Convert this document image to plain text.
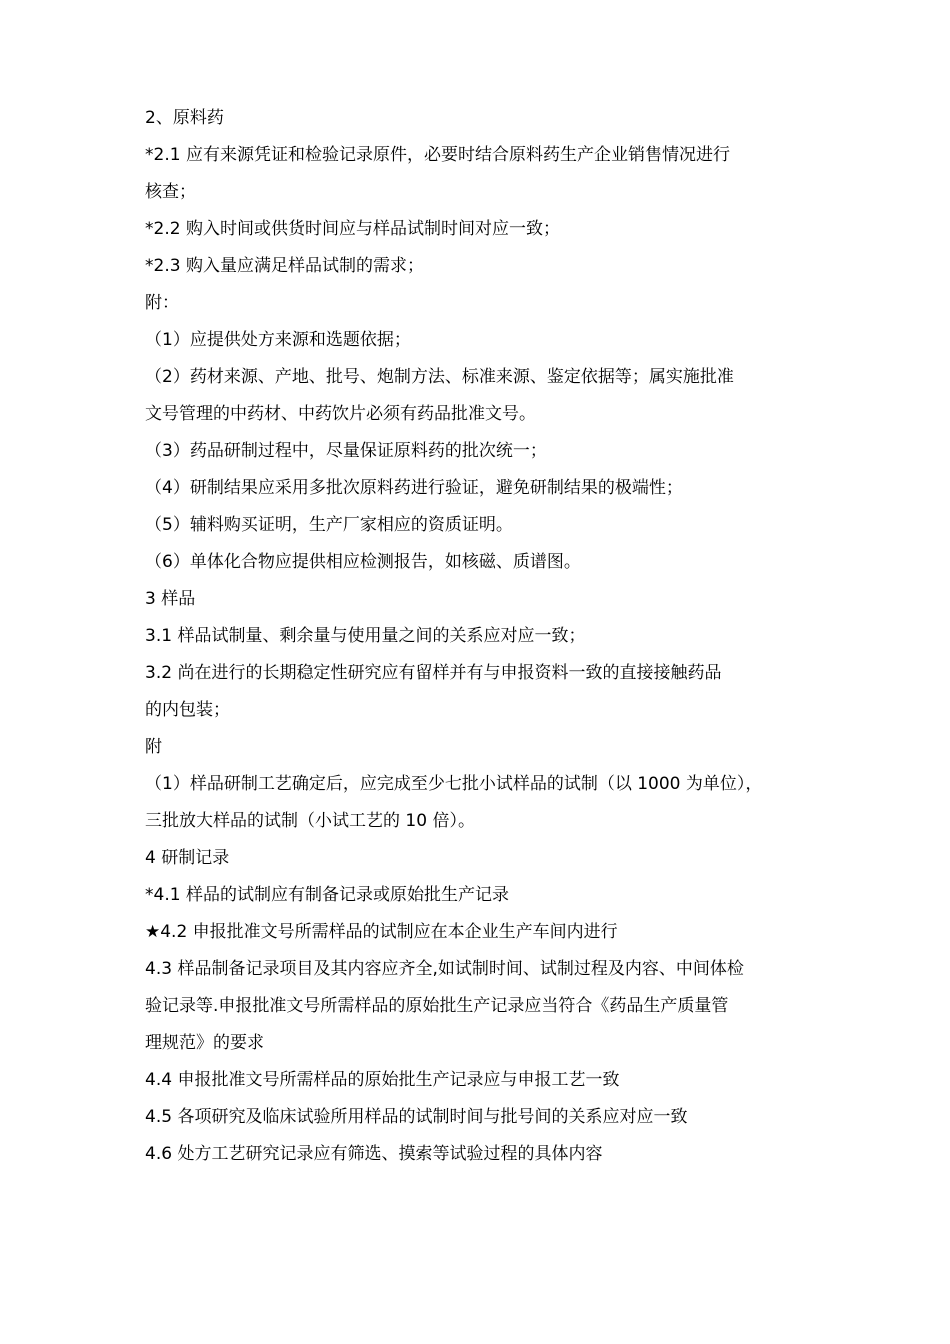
2、原料药
*2.1 应有来源凭证和检验记录原件，必要时结合原料药生产企业销售情况进行
核查；
*2.2 购入时间或供货时间应与样品试制时间对应一致；
*2.3 购入量应满足样品试制的需求；
附：
（1）应提供处方来源和选题依据；
（2）药材来源、产地、批号、炮制方法、标准来源、鉴定依据等；属实施批准
文号管理的中药材、中药饮片必须有药品批准文号。
（3）药品研制过程中，尽量保证原料药的批次统一；
（4）研制结果应采用多批次原料药进行验证，避免研制结果的极端性；
（5）辅料购买证明，生产厂家相应的资质证明。
（6）单体化合物应提供相应检测报告，如核磁、质谱图。
3 样品
3.1 样品试制量、剩余量与使用量之间的关系应对应一致；
3.2 尚在进行的长期稳定性研究应有留样并有与申报资料一致的直接接触药品
的内包装；
附
（1）样品研制工艺确定后，应完成至少七批小试样品的试制（以 1000 为单位），
三批放大样品的试制（小试工艺的 10 倍）。
4 研制记录
*4.1 样品的试制应有制备记录或原始批生产记录
★4.2 申报批准文号所需样品的试制应在本企业生产车间内进行
4.3 样品制备记录项目及其内容应齐全,如试制时间、试制过程及内容、中间体检
验记录等.申报批准文号所需样品的原始批生产记录应当符合《药品生产质量管
理规范》的要求
4.4 申报批准文号所需样品的原始批生产记录应与申报工艺一致
4.5 各项研究及临床试验所用样品的试制时间与批号间的关系应对应一致
4.6 处方工艺研究记录应有筛选、摸索等试验过程的具体内容
